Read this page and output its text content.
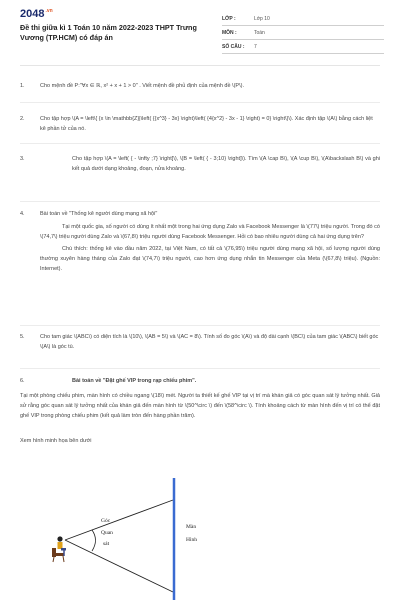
$2048^{.vn}$
Đề thi giữa kì 1 Toán 10 năm 2022-2023 THPT Trưng Vương (TP.HCM) có đáp án
LỚP :	Lớp 10
MÔN :	Toán
SỐ CÂU :	7
1.	Cho mệnh đề P:"∀x ∈ ℝ, x² + x + 1 > 0" . Viết mệnh đề phủ định của mệnh đề \(P\).
2.	Cho tập hợp \(A = \left\{ {x \in \mathbb{Z}|\left( {{x^3} - 3x} \right)\left( {4{x^2} - 3x - 1} \right) = 0} \right\}\). Xác định tập \(A\) bằng cách liệt kê phần tử của nó.
3.	Cho tập hợp \(A = \left( { - \infty ;7} \right]\), \(B = \left( { - 3;10} \right]\). Tìm \(A \cap B\), \(A \cup B\), \(A\backslash B\) và ghi kết quả dưới dạng khoảng, đoạn, nửa khoảng.
4.	Bài toán về "Thống kê người dùng mạng xã hội"

Tại một quốc gia, số người có dùng ít nhất một trong hai ứng dụng Zalo và Facebook Messenger là \(77\) triệu người. Trong đó có \(74,7\) triệu người dùng Zalo và \(67,8\) triệu người dùng Facebook Messenger. Hỏi có bao nhiêu người dùng cả hai ứng dụng trên?

Chú thích: thống kê vào đầu năm 2022, tại Việt Nam, có tất cả \(76,95\) triệu người dùng mạng xã hội, số lượng người dùng thường xuyên hàng tháng của Zalo đạt \(74,7\) triệu người, cao hơn ứng dụng nhắn tin Messenger của Meta (\(67,8\) triệu). (Nguồn: Internet).

5.	Cho tam giác \(ABC\) có diện tích là \(10\), \(AB = 5\) và \(AC = 8\). Tính số đo góc \(A\) và độ dài cạnh \(BC\) của tam giác \(ABC\) biết góc \(A\) là góc tù.
6.	Bài toán về "Đặt ghế VIP trong rạp chiếu phim".

Tại một phòng chiếu phim, màn hình có chiều ngang \(18\) mét. Người ta thiết kế ghế VIP tại vị trí mà khán giả có góc quan sát lý tưởng nhất. Giả sử rằng góc quan sát lý tưởng nhất của khán giả đến màn hình từ \(50^\circ \) đến \(58^\circ \). Tính khoảng cách từ màn hình đến vị trí có thể đặt ghế VIP trong phòng chiếu phim (kết quả làm tròn đến hàng phần trăm).
Xem hình minh họa bên dưới
Góc
Quan
sát
Màn
Hình
